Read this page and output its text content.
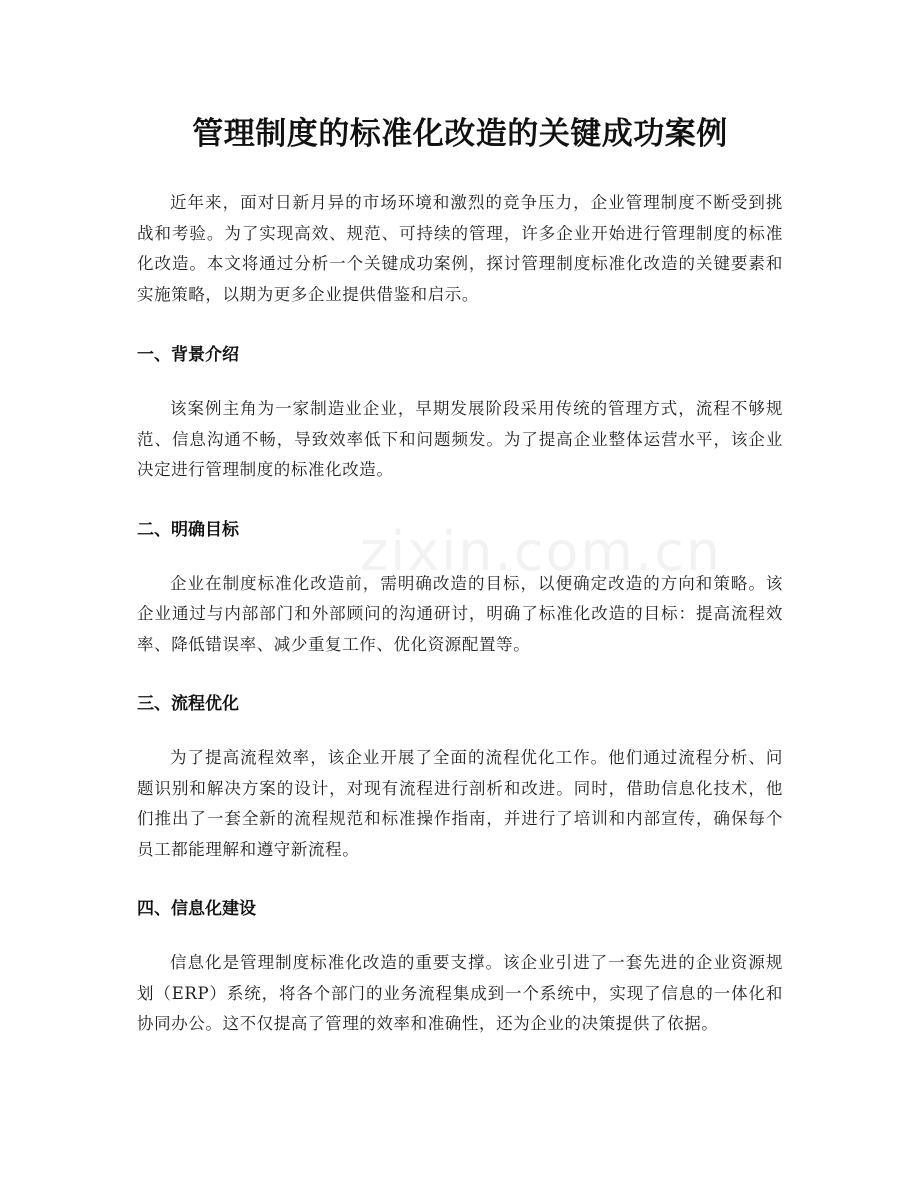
管理制度的标准化改造的关键成功案例

近年来，面对日新月异的市场环境和激烈的竞争压力，企业管理制度不断受到挑战和考验。为了实现高效、规范、可持续的管理，许多企业开始进行管理制度的标准化改造。本文将通过分析一个关键成功案例，探讨管理制度标准化改造的关键要素和实施策略，以期为更多企业提供借鉴和启示。

一、背景介绍

该案例主角为一家制造业企业，早期发展阶段采用传统的管理方式，流程不够规范、信息沟通不畅，导致效率低下和问题频发。为了提高企业整体运营水平，该企业决定进行管理制度的标准化改造。

二、明确目标

企业在制度标准化改造前，需明确改造的目标，以便确定改造的方向和策略。该企业通过与内部部门和外部顾问的沟通研讨，明确了标准化改造的目标：提高流程效率、降低错误率、减少重复工作、优化资源配置等。

三、流程优化

为了提高流程效率，该企业开展了全面的流程优化工作。他们通过流程分析、问题识别和解决方案的设计，对现有流程进行剖析和改进。同时，借助信息化技术，他们推出了一套全新的流程规范和标准操作指南，并进行了培训和内部宣传，确保每个员工都能理解和遵守新流程。

四、信息化建设

信息化是管理制度标准化改造的重要支撑。该企业引进了一套先进的企业资源规划（ERP）系统，将各个部门的业务流程集成到一个系统中，实现了信息的一体化和协同办公。这不仅提高了管理的效率和准确性，还为企业的决策提供了依据。

zixin.com.cn
